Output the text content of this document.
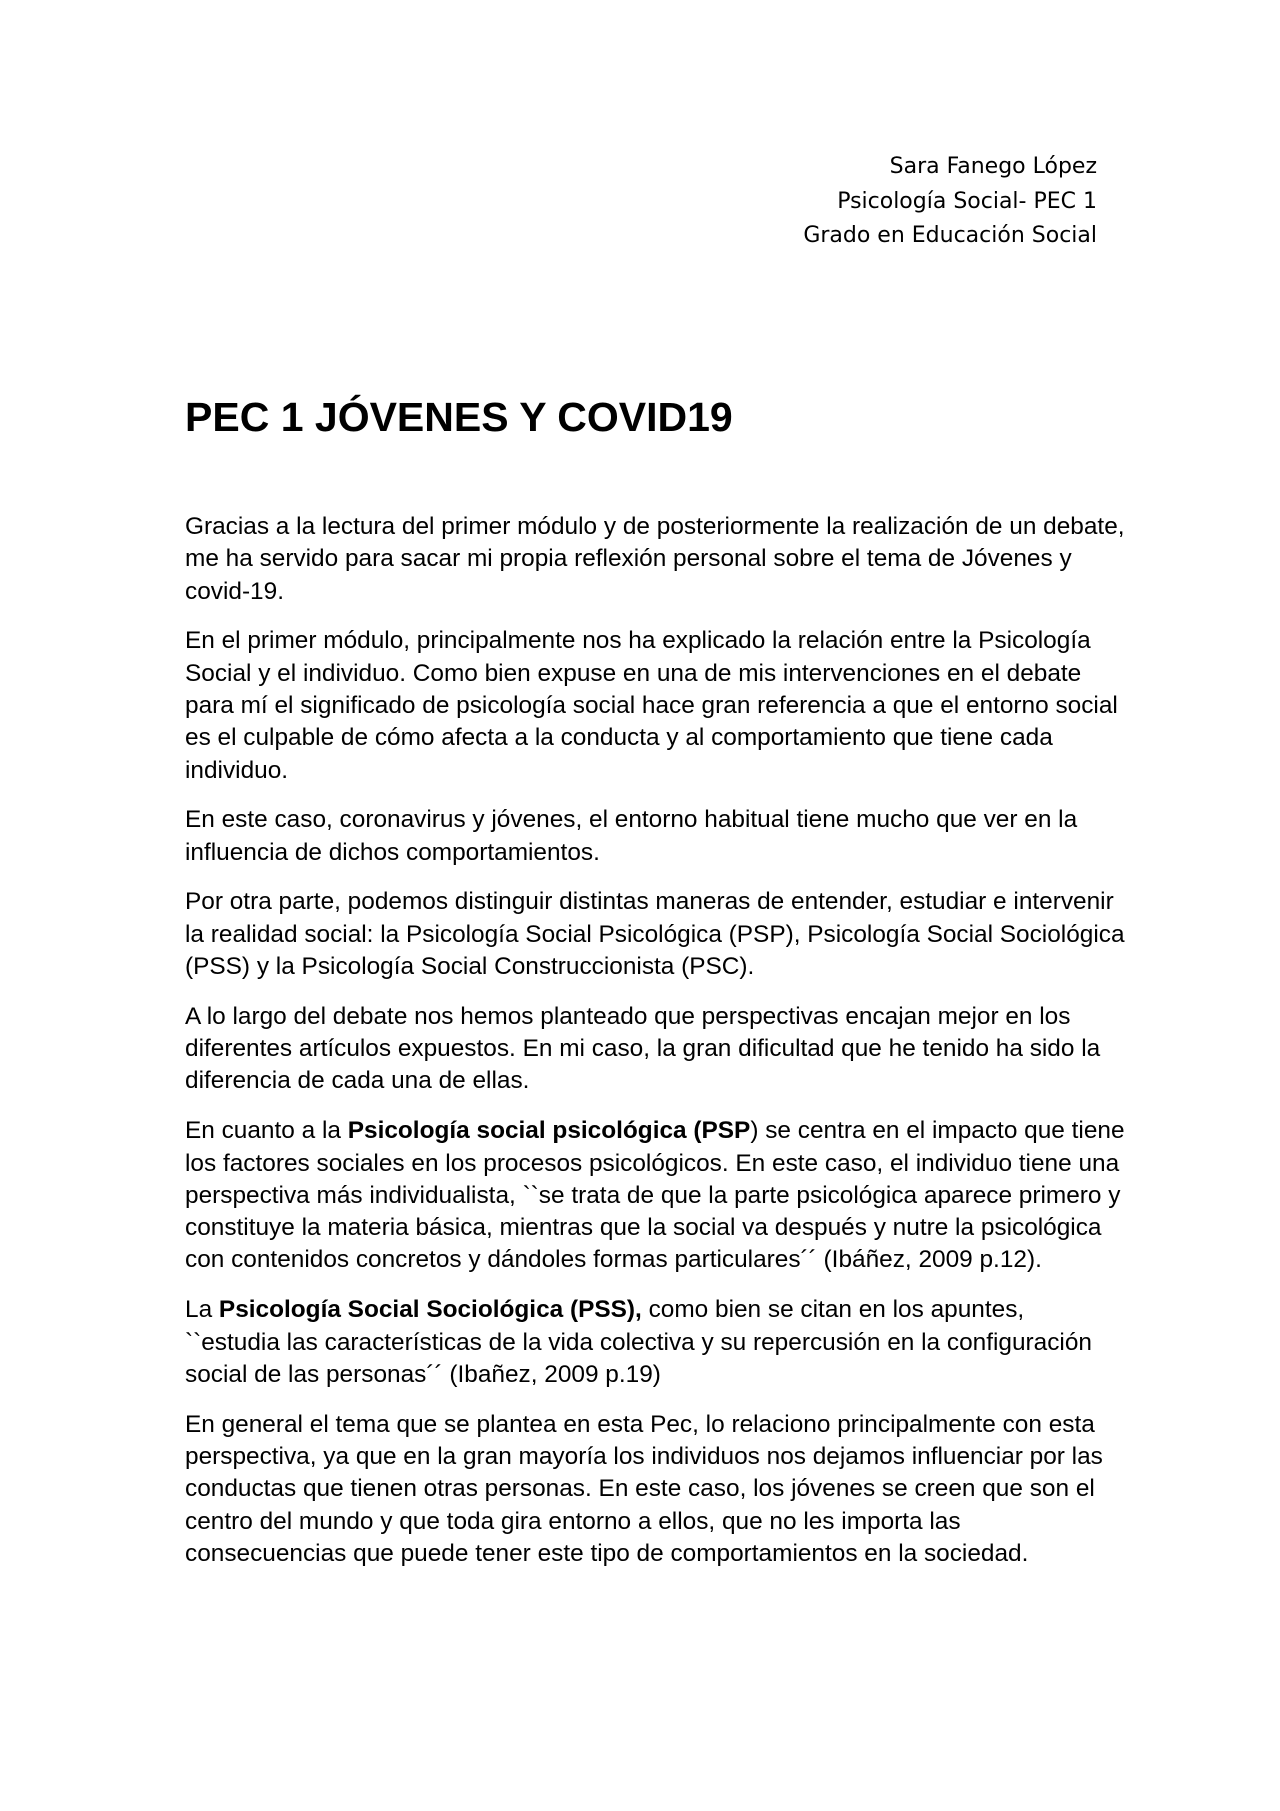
Sara Fanego López
Psicología Social- PEC 1
Grado en Educación Social
PEC 1 JÓVENES Y COVID19

Gracias a la lectura del primer módulo y de posteriormente la realización de un debate, me ha servido para sacar mi propia reflexión personal sobre el tema de Jóvenes y covid-19.

En el primer módulo, principalmente nos ha explicado la relación entre la Psicología Social y el individuo. Como bien expuse en una de mis intervenciones en el debate para mí el significado de psicología social hace gran referencia a que el entorno social es el culpable de cómo afecta a la conducta y al comportamiento que tiene cada individuo.

En este caso, coronavirus y jóvenes, el entorno habitual tiene mucho que ver en la influencia de dichos comportamientos.

Por otra parte, podemos distinguir distintas maneras de entender, estudiar e intervenir la realidad social: la Psicología Social Psicológica (PSP), Psicología Social Sociológica (PSS) y la Psicología Social Construccionista (PSC).

A lo largo del debate nos hemos planteado que perspectivas encajan mejor en los diferentes artículos expuestos. En mi caso, la gran dificultad que he tenido ha sido la diferencia de cada una de ellas.

En cuanto a la Psicología social psicológica (PSP) se centra en el impacto que tiene los factores sociales en los procesos psicológicos. En este caso, el individuo tiene una perspectiva más individualista, ``se trata de que la parte psicológica aparece primero y constituye la materia básica, mientras que la social va después y nutre la psicológica con contenidos concretos y dándoles formas particulares´´ (Ibáñez, 2009 p.12).

La Psicología Social Sociológica (PSS), como bien se citan en los apuntes, ``estudia las características de la vida colectiva y su repercusión en la configuración social de las personas´´ (Ibañez, 2009 p.19)

En general el tema que se plantea en esta Pec, lo relaciono principalmente con esta perspectiva, ya que en la gran mayoría los individuos nos dejamos influenciar por las conductas que tienen otras personas. En este caso, los jóvenes se creen que son el centro del mundo y que toda gira entorno a ellos, que no les importa las consecuencias que puede tener este tipo de comportamientos en la sociedad.
